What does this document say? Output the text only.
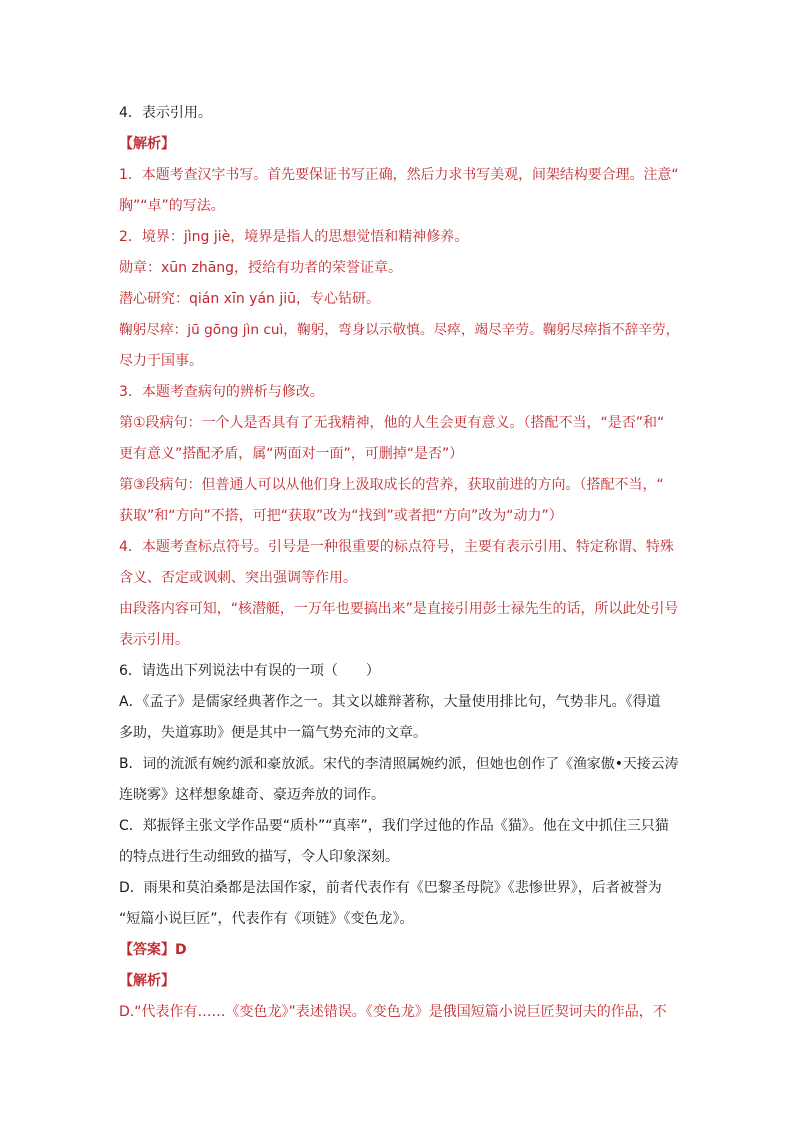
4．表示引用。
【解析】
1．本题考查汉字书写。首先要保证书写正确，然后力求书写美观，间架结构要合理。注意“
胸”“卓”的写法。
2．境界：jìng jiè，境界是指人的思想觉悟和精神修养。
勋章：xūn zhāng，授给有功者的荣誉证章。
潜心研究：qián xīn yán jiū，专心钻研。
鞠躬尽瘁：jū gōng jìn cuì，鞠躬，弯身以示敬慎。尽瘁，竭尽辛劳。鞠躬尽瘁指不辞辛劳，
尽力于国事。
3．本题考查病句的辨析与修改。
第①段病句：一个人是否具有了无我精神，他的人生会更有意义。（搭配不当，“是否”和“
更有意义”搭配矛盾，属“两面对一面”，可删掉“是否”）
第③段病句：但普通人可以从他们身上汲取成长的营养，获取前进的方向。（搭配不当，“
获取”和“方向”不搭，可把“获取”改为“找到”或者把“方向”改为“动力”）
4．本题考查标点符号。引号是一种很重要的标点符号，主要有表示引用、特定称谓、特殊
含义、否定或讽刺、突出强调等作用。
由段落内容可知，“核潜艇，一万年也要搞出来”是直接引用彭士禄先生的话，所以此处引号
表示引用。
6．请选出下列说法中有误的一项（　　）
A．《孟子》是儒家经典著作之一。其文以雄辩著称，大量使用排比句，气势非凡。《得道
多助，失道寡助》便是其中一篇气势充沛的文章。
B．词的流派有婉约派和豪放派。宋代的李清照属婉约派，但她也创作了《渔家傲•天接云涛
连晓雾》这样想象雄奇、豪迈奔放的词作。
C．郑振铎主张文学作品要“质朴”“真率”，我们学过他的作品《猫》。他在文中抓住三只猫
的特点进行生动细致的描写，令人印象深刻。
D．雨果和莫泊桑都是法国作家，前者代表作有《巴黎圣母院》《悲惨世界》，后者被誉为
“短篇小说巨匠”，代表作有《项链》《变色龙》。
【答案】D
【解析】
D.“代表作有……《变色龙》”表述错误。《变色龙》是俄国短篇小说巨匠契诃夫的作品，不
